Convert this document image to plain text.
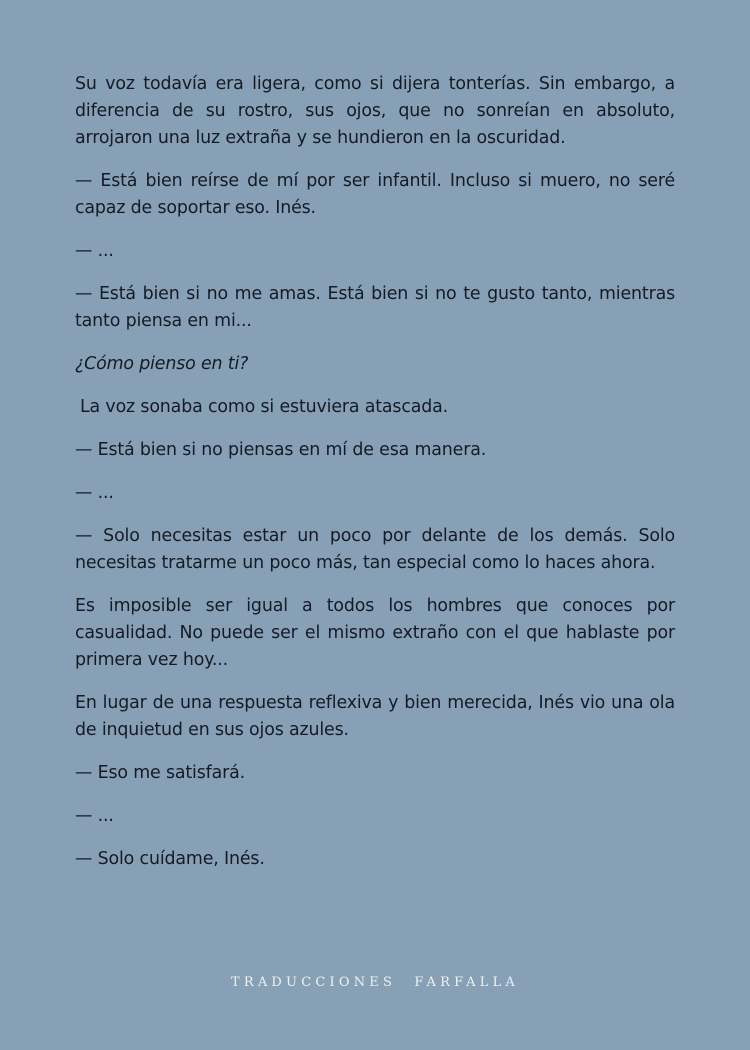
Su voz todavía era ligera, como si dijera tonterías. Sin embargo, a diferencia de su rostro, sus ojos, que no sonreían en absoluto, arrojaron una luz extraña y se hundieron en la oscuridad.

— Está bien reírse de mí por ser infantil. Incluso si muero, no seré capaz de soportar eso. Inés.

— ...

— Está bien si no me amas. Está bien si no te gusto tanto, mientras tanto piensa en mi...

¿Cómo pienso en ti?

La voz sonaba como si estuviera atascada.

— Está bien si no piensas en mí de esa manera.

— ...

— Solo necesitas estar un poco por delante de los demás. Solo necesitas tratarme un poco más, tan especial como lo haces ahora.

Es imposible ser igual a todos los hombres que conoces por casualidad. No puede ser el mismo extraño con el que hablaste por primera vez hoy...

En lugar de una respuesta reflexiva y bien merecida, Inés vio una ola de inquietud en sus ojos azules.

— Eso me satisfará.

— ...

— Solo cuídame, Inés.

TRADUCCIONES FARFALLA
